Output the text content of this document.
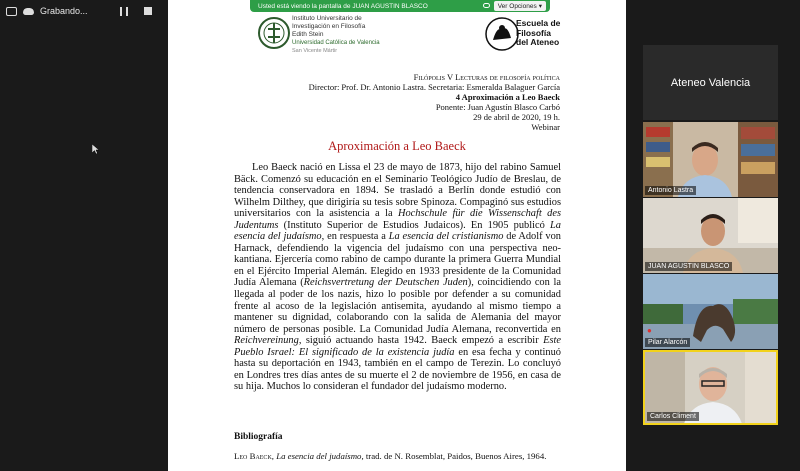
Grabando...
Instituto Universitario de
Investigación en Filosofía
Edith Stein
Universidad Católica de Valencia
San Vicente Mártir
Escuela de
Filosofía
del Ateneo
Filópolis V Lecturas de filosofía política
Director: Prof. Dr. Antonio Lastra. Secretaria: Esmeralda Balaguer García
4 Aproximación a Leo Baeck
Ponente: Juan Agustín Blasco Carbó
29 de abril de 2020, 19 h.
Webinar
Aproximación a Leo Baeck
Leo Baeck nació en Lissa el 23 de mayo de 1873, hijo del rabino Samuel Bäck. Comenzó su educación en el Seminario Teológico Judío de Breslau, de tendencia conservadora en 1894. Se trasladó a Berlín donde estudió con Wilhelm Dilthey, que dirigiría su tesis sobre Spinoza. Compaginó sus estudios universitarios con la asistencia a la Hochschule für die Wissenschaft des Judentums (Instituto Superior de Estudios Judaicos). En 1905 publicó La esencia del judaísmo, en respuesta a La esencia del cristianismo de Adolf von Harnack, defendiendo la vigencia del judaísmo con una perspectiva neo-kantiana. Ejercería como rabino de campo durante la primera Guerra Mundial en el Ejército Imperial Alemán. Elegido en 1933 presidente de la Comunidad Judía Alemana (Reichsvertretung der Deutschen Juden), coincidiendo con la llegada al poder de los nazis, hizo lo posible por defender a su comunidad frente al acoso de la legislación antisemita, ayudando al mismo tiempo a mantener su dignidad, colaborando con la salida de Alemania del mayor número de personas posible. La Comunidad Judía Alemana, reconvertida en Reichvereinung, siguió actuando hasta 1942. Baeck empezó a escribir Este Pueblo Israel: El significado de la existencia judía en esa fecha y continuó hasta su deportación en 1943, también en el campo de Terezin. Lo concluyó en Londres tres días antes de su muerte el 2 de noviembre de 1956, en casa de su hija. Muchos lo consideran el fundador del judaísmo moderno.
Bibliografía
Leo Baeck, La esencia del judaísmo, trad. de N. Rosemblat, Paidos, Buenos Aires, 1964.
Usted está viendo la pantalla de JUAN AGUSTIN BLASCO	Ver Opciones ▾
Ateneo Valencia
Antonio Lastra
JUAN AGUSTIN BLASCO
Pilar Alarcón
●
Carlos Climent
